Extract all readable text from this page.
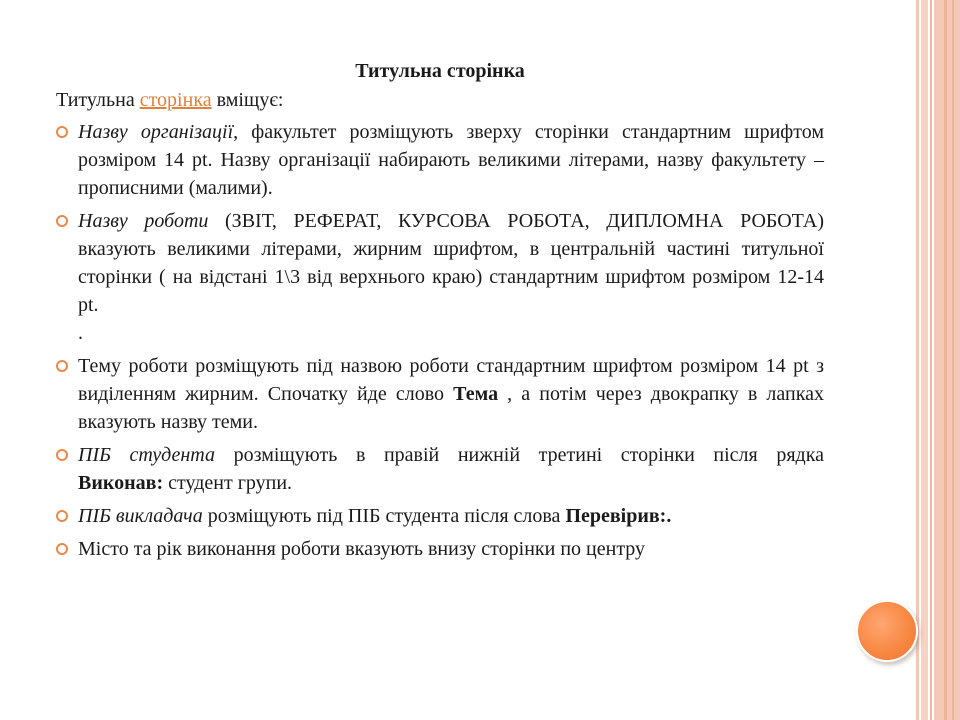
Титульна сторінка

Титульна сторінка вміщує:

Назву організації, факультет розміщують зверху сторінки стандартним шрифтом розміром 14 pt. Назву організації набирають великими літерами, назву факультету – прописними (малими).
Назву роботи (ЗВІТ, РЕФЕРАТ, КУРСОВА РОБОТА, ДИПЛОМНА РОБОТА) вказують великими літерами, жирним шрифтом, в центральній частині титульної сторінки ( на відстані 1\3 від верхнього краю) стандартним шрифтом розміром 12-14 pt.
.
Тему роботи розміщують під назвою роботи стандартним шрифтом розміром 14 pt з виділенням жирним. Спочатку йде слово Тема , а потім через двокрапку в лапках вказують назву теми.
ПІБ студента розміщують в правій нижній третині сторінки після рядка             Виконав: студент групи.
ПІБ викладача розміщують під ПІБ студента після слова Перевірив:.
Місто та рік виконання роботи вказують внизу сторінки по центру
